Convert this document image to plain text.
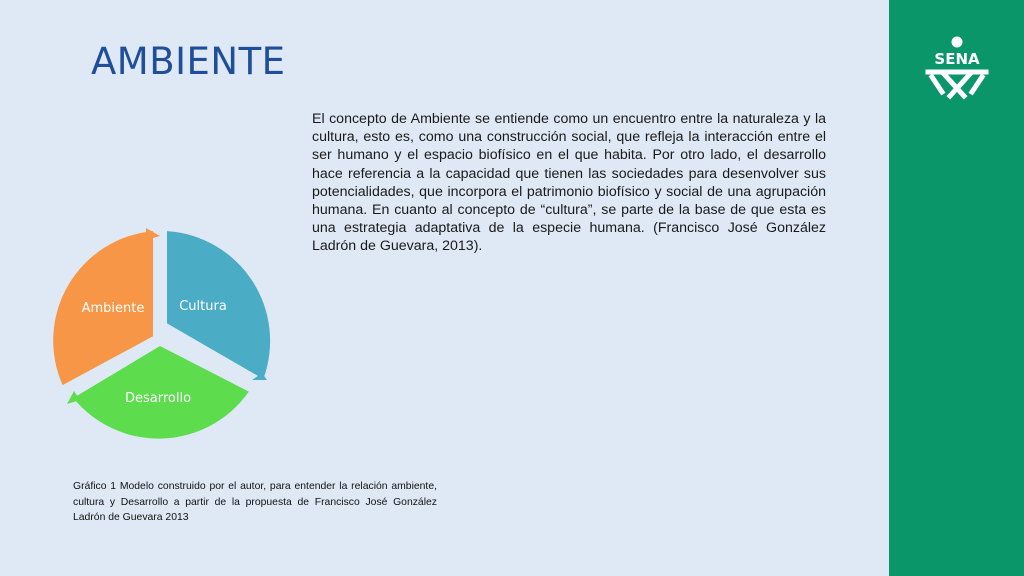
AMBIENTE
El concepto de Ambiente se entiende como un encuentro entre la naturaleza y la cultura, esto es, como una construcción social, que refleja la interacción entre el ser humano y el espacio biofísico en el que habita. Por otro lado, el desarrollo hace referencia a la capacidad que tienen las sociedades para desenvolver sus potencialidades, que incorpora el patrimonio biofísico y social de una agrupación humana. En cuanto al concepto de “cultura”, se parte de la base de que esta es una estrategia adaptativa de la especie humana. (Francisco José González Ladrón de Guevara, 2013).
Cultura
Desarrollo
Ambiente
Gráfico 1 Modelo construido por el autor, para entender la relación ambiente, cultura y Desarrollo a partir de la propuesta de Francisco José González Ladrón de Guevara 2013
SENA
